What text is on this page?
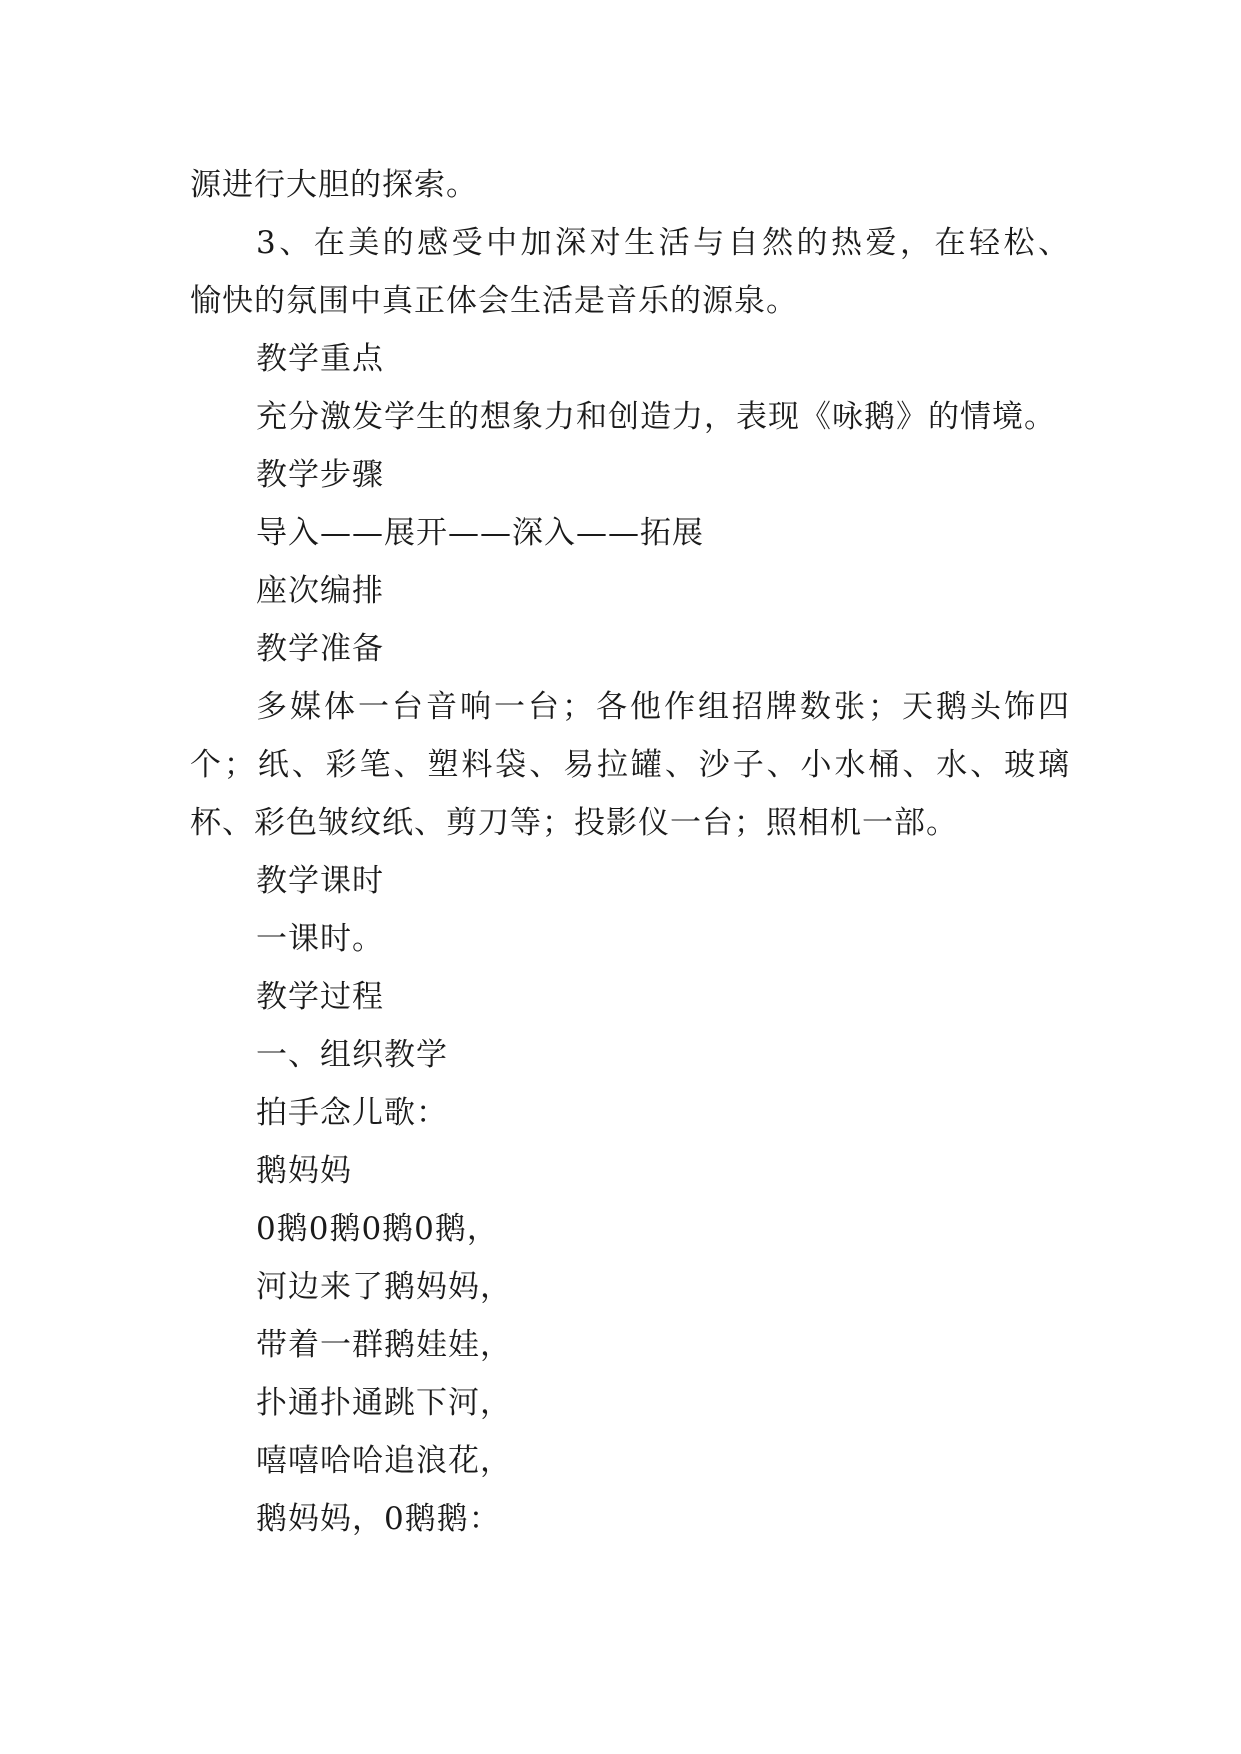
源进行大胆的探索。
3、在美的感受中加深对生活与自然的热爱，在轻松、
愉快的氛围中真正体会生活是音乐的源泉。
教学重点
充分激发学生的想象力和创造力，表现《咏鹅》的情境。
教学步骤
导入——展开——深入——拓展
座次编排
教学准备
多媒体一台音响一台；各他作组招牌数张；天鹅头饰四
个；纸、彩笔、塑料袋、易拉罐、沙子、小水桶、水、玻璃
杯、彩色皱纹纸、剪刀等；投影仪一台；照相机一部。
教学课时
一课时。
教学过程
一、组织教学
拍手念儿歌：
鹅妈妈
0鹅0鹅0鹅0鹅，
河边来了鹅妈妈，
带着一群鹅娃娃，
扑通扑通跳下河，
嘻嘻哈哈追浪花，
鹅妈妈，0鹅鹅：
